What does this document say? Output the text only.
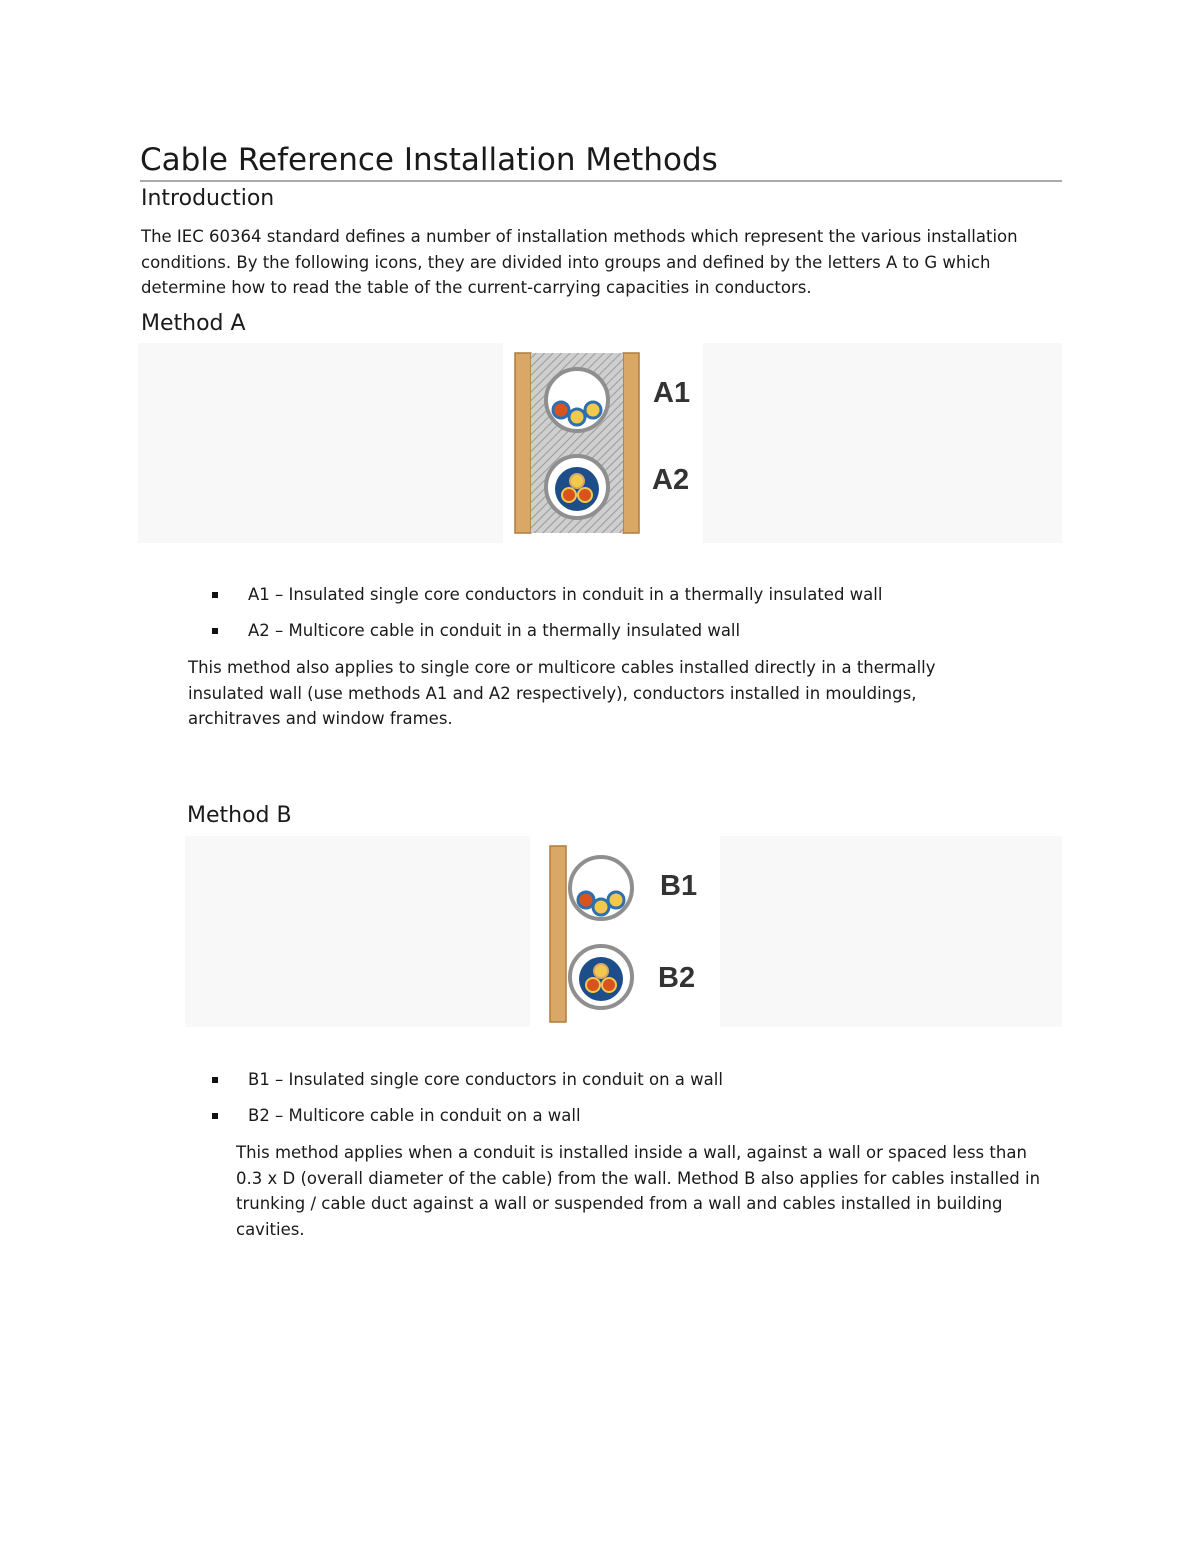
Cable Reference Installation Methods
Introduction
The IEC 60364 standard defines a number of installation methods which represent the various installation conditions. By the following icons, they are divided into groups and defined by the letters A to G which determine how to read the table of the current-carrying capacities in conductors.
Method A
A1
A2
A1 – Insulated single core conductors in conduit in a thermally insulated wall
A2 – Multicore cable in conduit in a thermally insulated wall
This method also applies to single core or multicore cables installed directly in a thermally insulated wall (use methods A1 and A2 respectively), conductors installed in mouldings, architraves and window frames.
Method B
B1
B2
B1 – Insulated single core conductors in conduit on a wall
B2 – Multicore cable in conduit on a wall
This method applies when a conduit is installed inside a wall, against a wall or spaced less than 0.3 x D (overall diameter of the cable) from the wall. Method B also applies for cables installed in trunking / cable duct against a wall or suspended from a wall and cables installed in building cavities.
